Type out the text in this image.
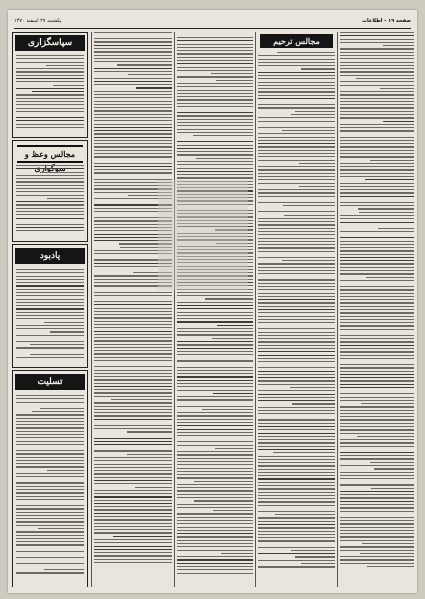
صفحه ۱۹ - اطلاعات
یکشنبه ۲۷ اسفند ۱۳۷۰
سپاسگزاری
مجالس وعظ و
یادبود
تسلیت
مجالس ترحیم
